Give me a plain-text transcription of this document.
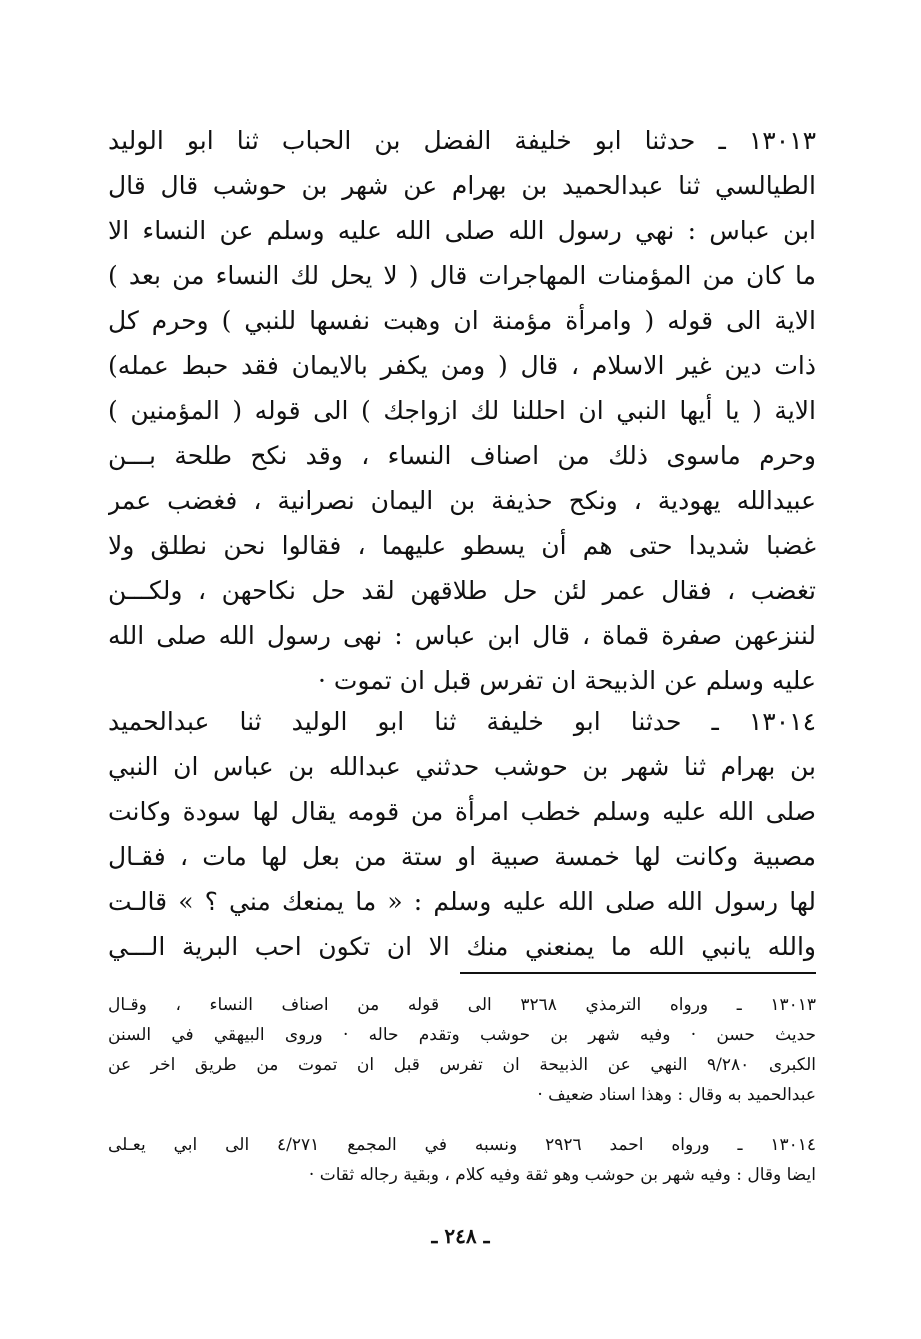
١٣٠١٣ ـ حدثنا ابو خليفة الفضل بن الحباب ثنا ابو الوليد
الطيالسي ثنا عبدالحميد بن بهرام عن شهر بن حوشب قال قال
ابن عباس : نهي رسول الله صلى الله عليه وسلم عن النساء الا
ما كان من المؤمنات المهاجرات قال ( لا يحل لك النساء من بعد )
الاية الى قوله ( وامرأة مؤمنة ان وهبت نفسها للنبي ) وحرم كل
ذات دين غير الاسلام ، قال ( ومن يكفر بالايمان فقد حبط عمله)
الاية ( يا أيها النبي ان احللنا لك ازواجك ) الى قوله ( المؤمنين )
وحرم ماسوى ذلك من اصناف النساء ، وقد نكح طلحة بـــن
عبيدالله يهودية ، ونكح حذيفة بن اليمان نصرانية ، فغضب عمر
غضبا شديدا حتى هم أن يسطو عليهما ، فقالوا نحن نطلق ولا
تغضب ، فقال عمر لئن حل طلاقهن لقد حل نكاحهن ، ولكـــن
لننزعهن صفرة قماة ، قال ابن عباس : نهى رسول الله صلى الله
عليه وسلم عن الذبيحة ان تفرس قبل ان تموت ·
١٣٠١٤ ـ حدثنا ابو خليفة ثنا ابو الوليد ثنا عبدالحميد
بن بهرام ثنا شهر بن حوشب حدثني عبدالله بن عباس ان النبي
صلى الله عليه وسلم خطب امرأة من قومه يقال لها سودة وكانت
مصبية وكانت لها خمسة صبية او ستة من بعل لها مات ، فقـال
لها رسول الله صلى الله عليه وسلم : « ما يمنعك مني ؟ » قالـت
والله يانبي الله ما يمنعني منك الا ان تكون احب البرية الـــي
١٣٠١٣ ـ ورواه الترمذي ٣٢٦٨ الى قوله من اصناف النساء ، وقـال
حديث حسن · وفيه شهر بن حوشب وتقدم حاله · وروى البيهقي في السنن
الكبرى ٩/٢٨٠ النهي عن الذبيحة ان تفرس قبل ان تموت من طريق اخر عن
عبدالحميد به وقال : وهذا اسناد ضعيف ·
١٣٠١٤ ـ ورواه احمد ٢٩٢٦ ونسبه في المجمع ٤/٢٧١ الى ابي يعـلى
ايضا وقال : وفيه شهر بن حوشب وهو ثقة وفيه كلام ، وبقية رجاله ثقات ·
ـ ٢٤٨ ـ
